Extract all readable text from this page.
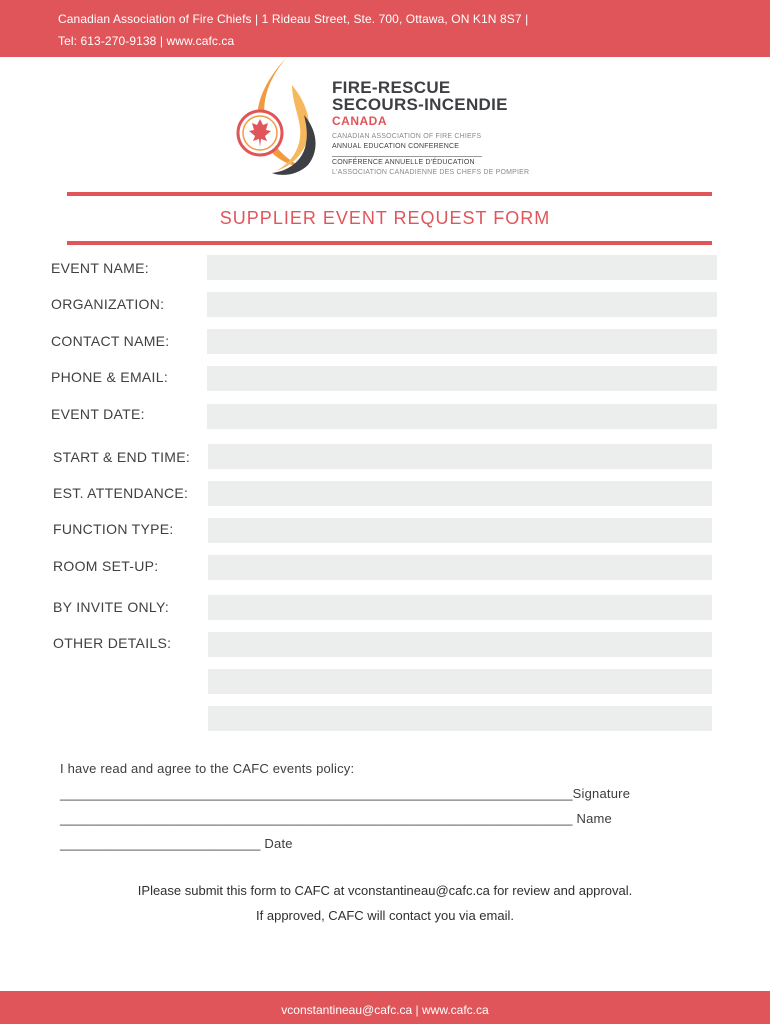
Canadian Association of Fire Chiefs | 1 Rideau Street, Ste. 700, Ottawa, ON K1N 8S7 |
Tel: 613-270-9138 | www.cafc.ca
FIRE-RESCUE
SECOURS-INCENDIE
CANADA
CANADIAN ASSOCIATION OF FIRE CHIEFS
ANNUAL EDUCATION CONFERENCE
CONFÉRENCE ANNUELLE D'ÉDUCATION
L'ASSOCIATION CANADIENNE DES CHEFS DE POMPIER
SUPPLIER EVENT REQUEST FORM
EVENT NAME:
ORGANIZATION:
CONTACT NAME:
PHONE & EMAIL:
EVENT DATE:
START & END TIME:
EST. ATTENDANCE:
FUNCTION TYPE:
ROOM SET-UP:
BY INVITE ONLY:
OTHER DETAILS:
I have read and agree to the CAFC events policy:
_____________________________________________________________________Signature
_____________________________________________________________________ Name
___________________________ Date
IPlease submit this form to CAFC at vconstantineau@cafc.ca for review and approval.
If approved, CAFC will contact you via email.
vconstantineau@cafc.ca | www.cafc.ca
